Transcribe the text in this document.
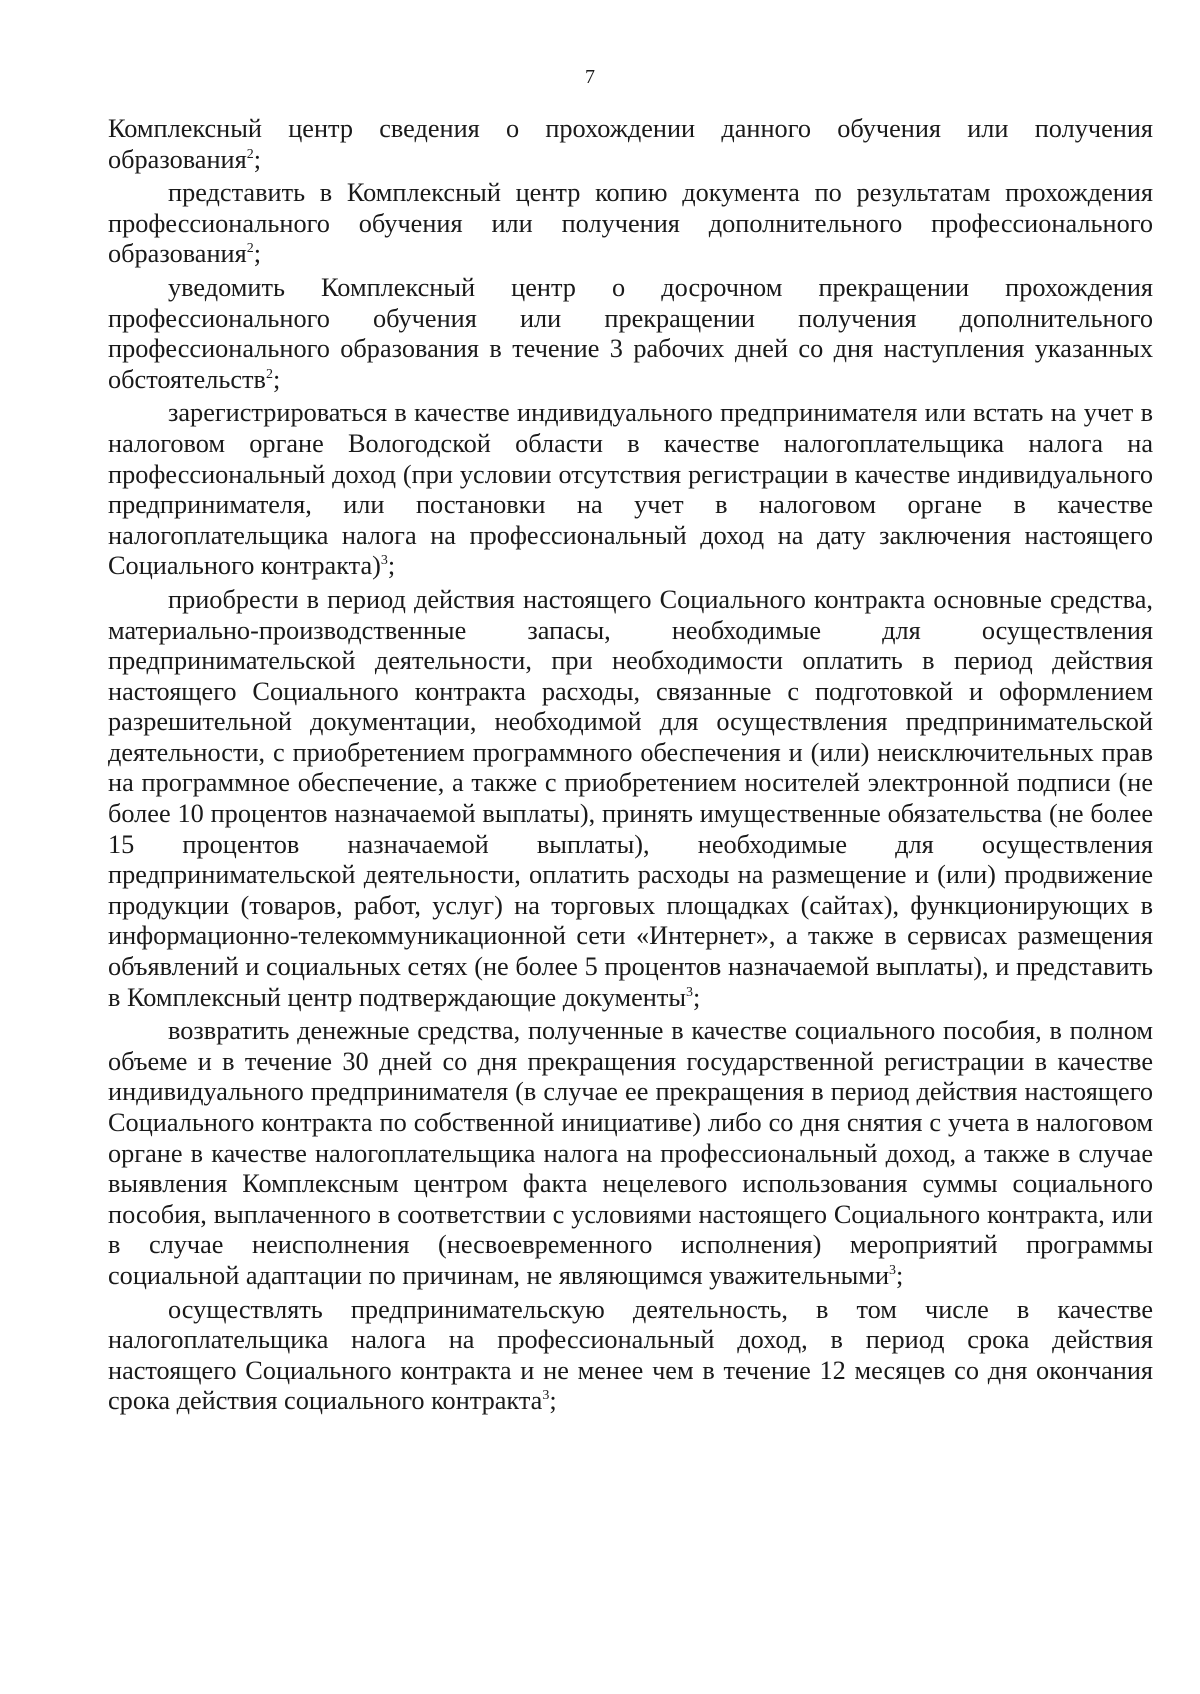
7

Комплексный центр сведения о прохождении данного обучения или получения образования$^2$;

представить в Комплексный центр копию документа по результатам прохождения профессионального обучения или получения дополнительного профессионального образования$^2$;

уведомить Комплексный центр о досрочном прекращении прохождения профессионального обучения или прекращении получения дополнительного профессионального образования в течение 3 рабочих дней со дня наступления указанных обстоятельств$^2$;

зарегистрироваться в качестве индивидуального предпринимателя или встать на учет в налоговом органе Вологодской области в качестве налогоплательщика налога на профессиональный доход (при условии отсутствия регистрации в качестве индивидуального предпринимателя, или постановки на учет в налоговом органе в качестве налогоплательщика налога на профессиональный доход на дату заключения настоящего Социального контракта)$^3$;

приобрести в период действия настоящего Социального контракта основные средства, материально-производственные запасы, необходимые для осуществления предпринимательской деятельности, при необходимости оплатить в период действия настоящего Социального контракта расходы, связанные с подготовкой и оформлением разрешительной документации, необходимой для осуществления предпринимательской деятельности, с приобретением программного обеспечения и (или) неисключительных прав на программное обеспечение, а также с приобретением носителей электронной подписи (не более 10 процентов назначаемой выплаты), принять имущественные обязательства (не более 15 процентов назначаемой выплаты), необходимые для осуществления предпринимательской деятельности, оплатить расходы на размещение и (или) продвижение продукции (товаров, работ, услуг) на торговых площадках (сайтах), функционирующих в информационно-телекоммуникационной сети «Интернет», а также в сервисах размещения объявлений и социальных сетях (не более 5 процентов назначаемой выплаты), и представить в Комплексный центр подтверждающие документы$^3$;

возвратить денежные средства, полученные в качестве социального пособия, в полном объеме и в течение 30 дней со дня прекращения государственной регистрации в качестве индивидуального предпринимателя (в случае ее прекращения в период действия настоящего Социального контракта по собственной инициативе) либо со дня снятия с учета в налоговом органе в качестве налогоплательщика налога на профессиональный доход, а также в случае выявления Комплексным центром факта нецелевого использования суммы социального пособия, выплаченного в соответствии с условиями настоящего Социального контракта, или в случае неисполнения (несвоевременного исполнения) мероприятий программы социальной адаптации по причинам, не являющимся уважительными$^3$;

осуществлять предпринимательскую деятельность, в том числе в качестве налогоплательщика налога на профессиональный доход, в период срока действия настоящего Социального контракта и не менее чем в течение 12 месяцев со дня окончания срока действия социального контракта$^3$;
